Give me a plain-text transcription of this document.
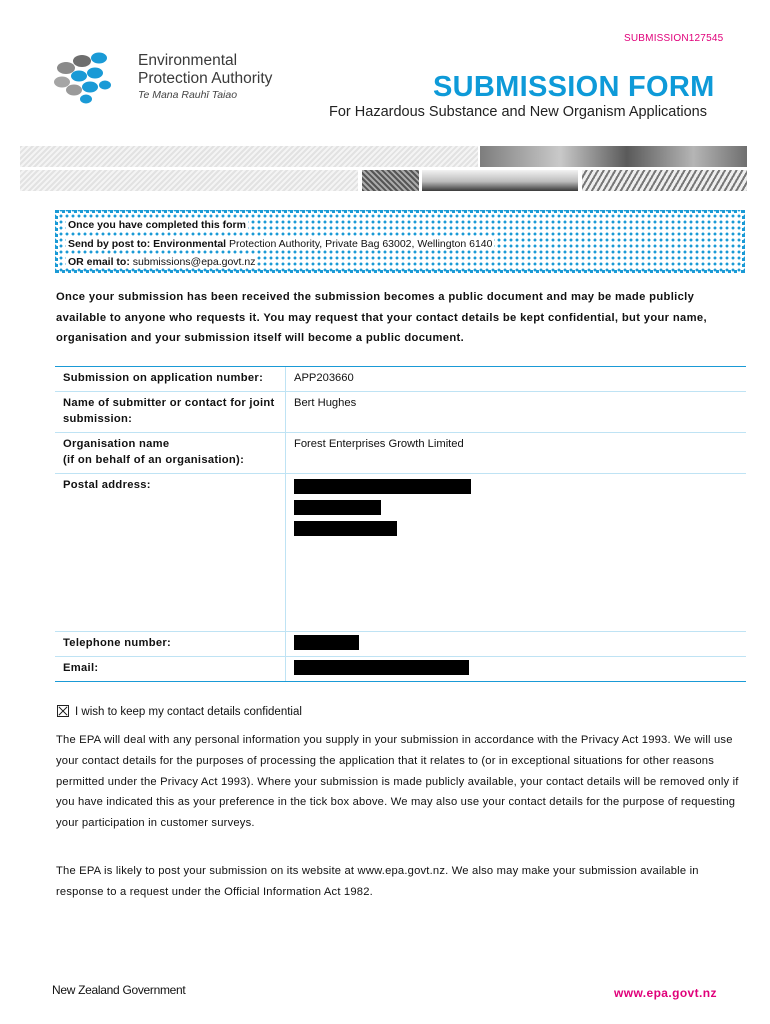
SUBMISSION127545
Environmental
Protection Authority
Te Mana Rauhī Taiao	SUBMISSION FORM
For Hazardous Substance and New Organism Applications
Once you have completed this form
Send by post to: Environmental Protection Authority, Private Bag 63002, Wellington 6140
OR email to: submissions@epa.govt.nz
Once your submission has been received the submission becomes a public document and may be made publicly available to anyone who requests it. You may request that your contact details be kept confidential, but your name, organisation and your submission itself will become a public document.
Submission on application number:	APP203660
Name of submitter or contact for joint submission:	Bert Hughes
Organisation name
(if on behalf of an organisation):	Forest Enterprises Growth Limited
Postal address:	

Telephone number:	

Email:	
I wish to keep my contact details confidential
The EPA will deal with any personal information you supply in your submission in accordance with the Privacy Act 1993. We will use your contact details for the purposes of processing the application that it relates to (or in exceptional situations for other reasons permitted under the Privacy Act 1993). Where your submission is made publicly available, your contact details will be removed only if you have indicated this as your preference in the tick box above. We may also use your contact details for the purpose of requesting your participation in customer surveys.
The EPA is likely to post your submission on its website at www.epa.govt.nz. We also may make your submission available in response to a request under the Official Information Act 1982.
New Zealand Government	www.epa.govt.nz
